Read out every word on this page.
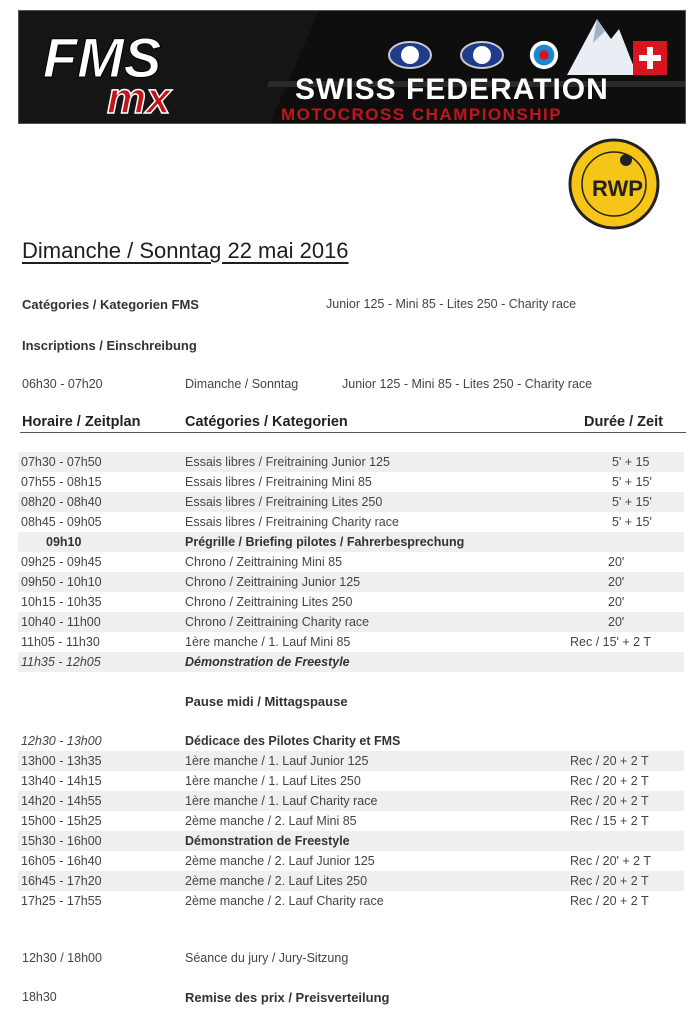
FMS
mx	SWISS FEDERATION
MOTOCROSS CHAMPIONSHIP
RWP
Dimanche / Sonntag 22 mai 2016
Catégories / Kategorien FMS	Junior 125 - Mini 85 - Lites 250 - Charity race
Inscriptions / Einschreibung
06h30 - 07h20	Dimanche / Sonntag	Junior 125 - Mini 85 - Lites 250 - Charity race
Horaire / Zeitplan	Catégories / Kategorien	Durée / Zeit
07h30 - 07h50	Essais libres / Freitraining Junior 125	5' + 15
07h55 - 08h15	Essais libres / Freitraining Mini 85	5' + 15'
08h20 - 08h40	Essais libres / Freitraining Lites 250	5' + 15'
08h45 - 09h05	Essais libres / Freitraining Charity race	5' + 15'
09h10	Prégrille / Briefing pilotes / Fahrerbesprechung
09h25 - 09h45	Chrono / Zeittraining Mini 85	20'
09h50 - 10h10	Chrono / Zeittraining Junior 125	20'
10h15 - 10h35	Chrono / Zeittraining Lites 250	20'
10h40 - 11h00	Chrono / Zeittraining Charity race	20'
11h05 - 11h30	1ère manche / 1. Lauf Mini 85	Rec / 15' + 2 T
11h35 - 12h05	Démonstration de Freestyle
Pause midi / Mittagspause
12h30 - 13h00	Dédicace des Pilotes Charity et FMS
13h00 - 13h35	1ère manche / 1. Lauf Junior 125	Rec / 20 + 2 T
13h40 - 14h15	1ère manche / 1. Lauf Lites 250	Rec / 20 + 2 T
14h20 - 14h55	1ère manche / 1. Lauf Charity race	Rec / 20 + 2 T
15h00 - 15h25	2ème manche / 2. Lauf Mini 85	Rec / 15 + 2 T
15h30 - 16h00	Démonstration de Freestyle
16h05 - 16h40	2ème manche / 2. Lauf Junior 125	Rec / 20' + 2 T
16h45 - 17h20	2ème manche / 2. Lauf Lites 250	Rec / 20 + 2 T
17h25 - 17h55	2ème manche / 2. Lauf Charity race	Rec / 20 + 2 T
12h30 / 18h00	Séance du jury / Jury-Sitzung
18h30	Remise des prix / Preisverteilung
